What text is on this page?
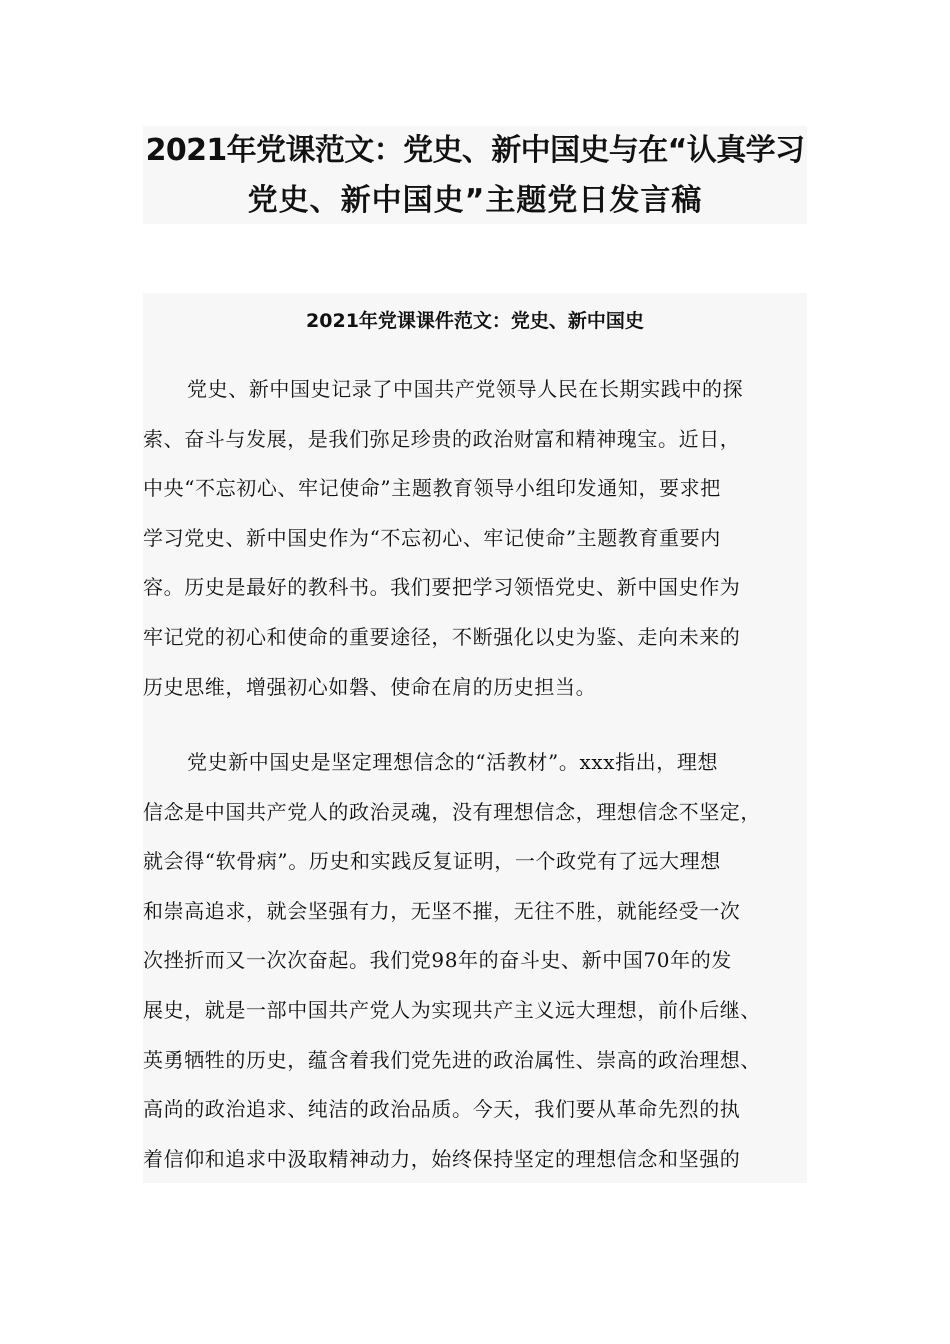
2021年党课范文：党史、新中国史与在“认真学习
党史、新中国史”主题党日发言稿
2021年党课课件范文：党史、新中国史
党史、新中国史记录了中国共产党领导人民在长期实践中的探
索、奋斗与发展，是我们弥足珍贵的政治财富和精神瑰宝。近日，
中央“不忘初心、牢记使命”主题教育领导小组印发通知，要求把
学习党史、新中国史作为“不忘初心、牢记使命”主题教育重要内
容。历史是最好的教科书。我们要把学习领悟党史、新中国史作为
牢记党的初心和使命的重要途径，不断强化以史为鉴、走向未来的
历史思维，增强初心如磐、使命在肩的历史担当。
党史新中国史是坚定理想信念的“活教材”。xxx指出，理想
信念是中国共产党人的政治灵魂，没有理想信念，理想信念不坚定，
就会得“软骨病”。历史和实践反复证明，一个政党有了远大理想
和崇高追求，就会坚强有力，无坚不摧，无往不胜，就能经受一次
次挫折而又一次次奋起。我们党98年的奋斗史、新中国70年的发
展史，就是一部中国共产党人为实现共产主义远大理想，前仆后继、
英勇牺牲的历史，蕴含着我们党先进的政治属性、崇高的政治理想、
高尚的政治追求、纯洁的政治品质。今天，我们要从革命先烈的执
着信仰和追求中汲取精神动力，始终保持坚定的理想信念和坚强的
